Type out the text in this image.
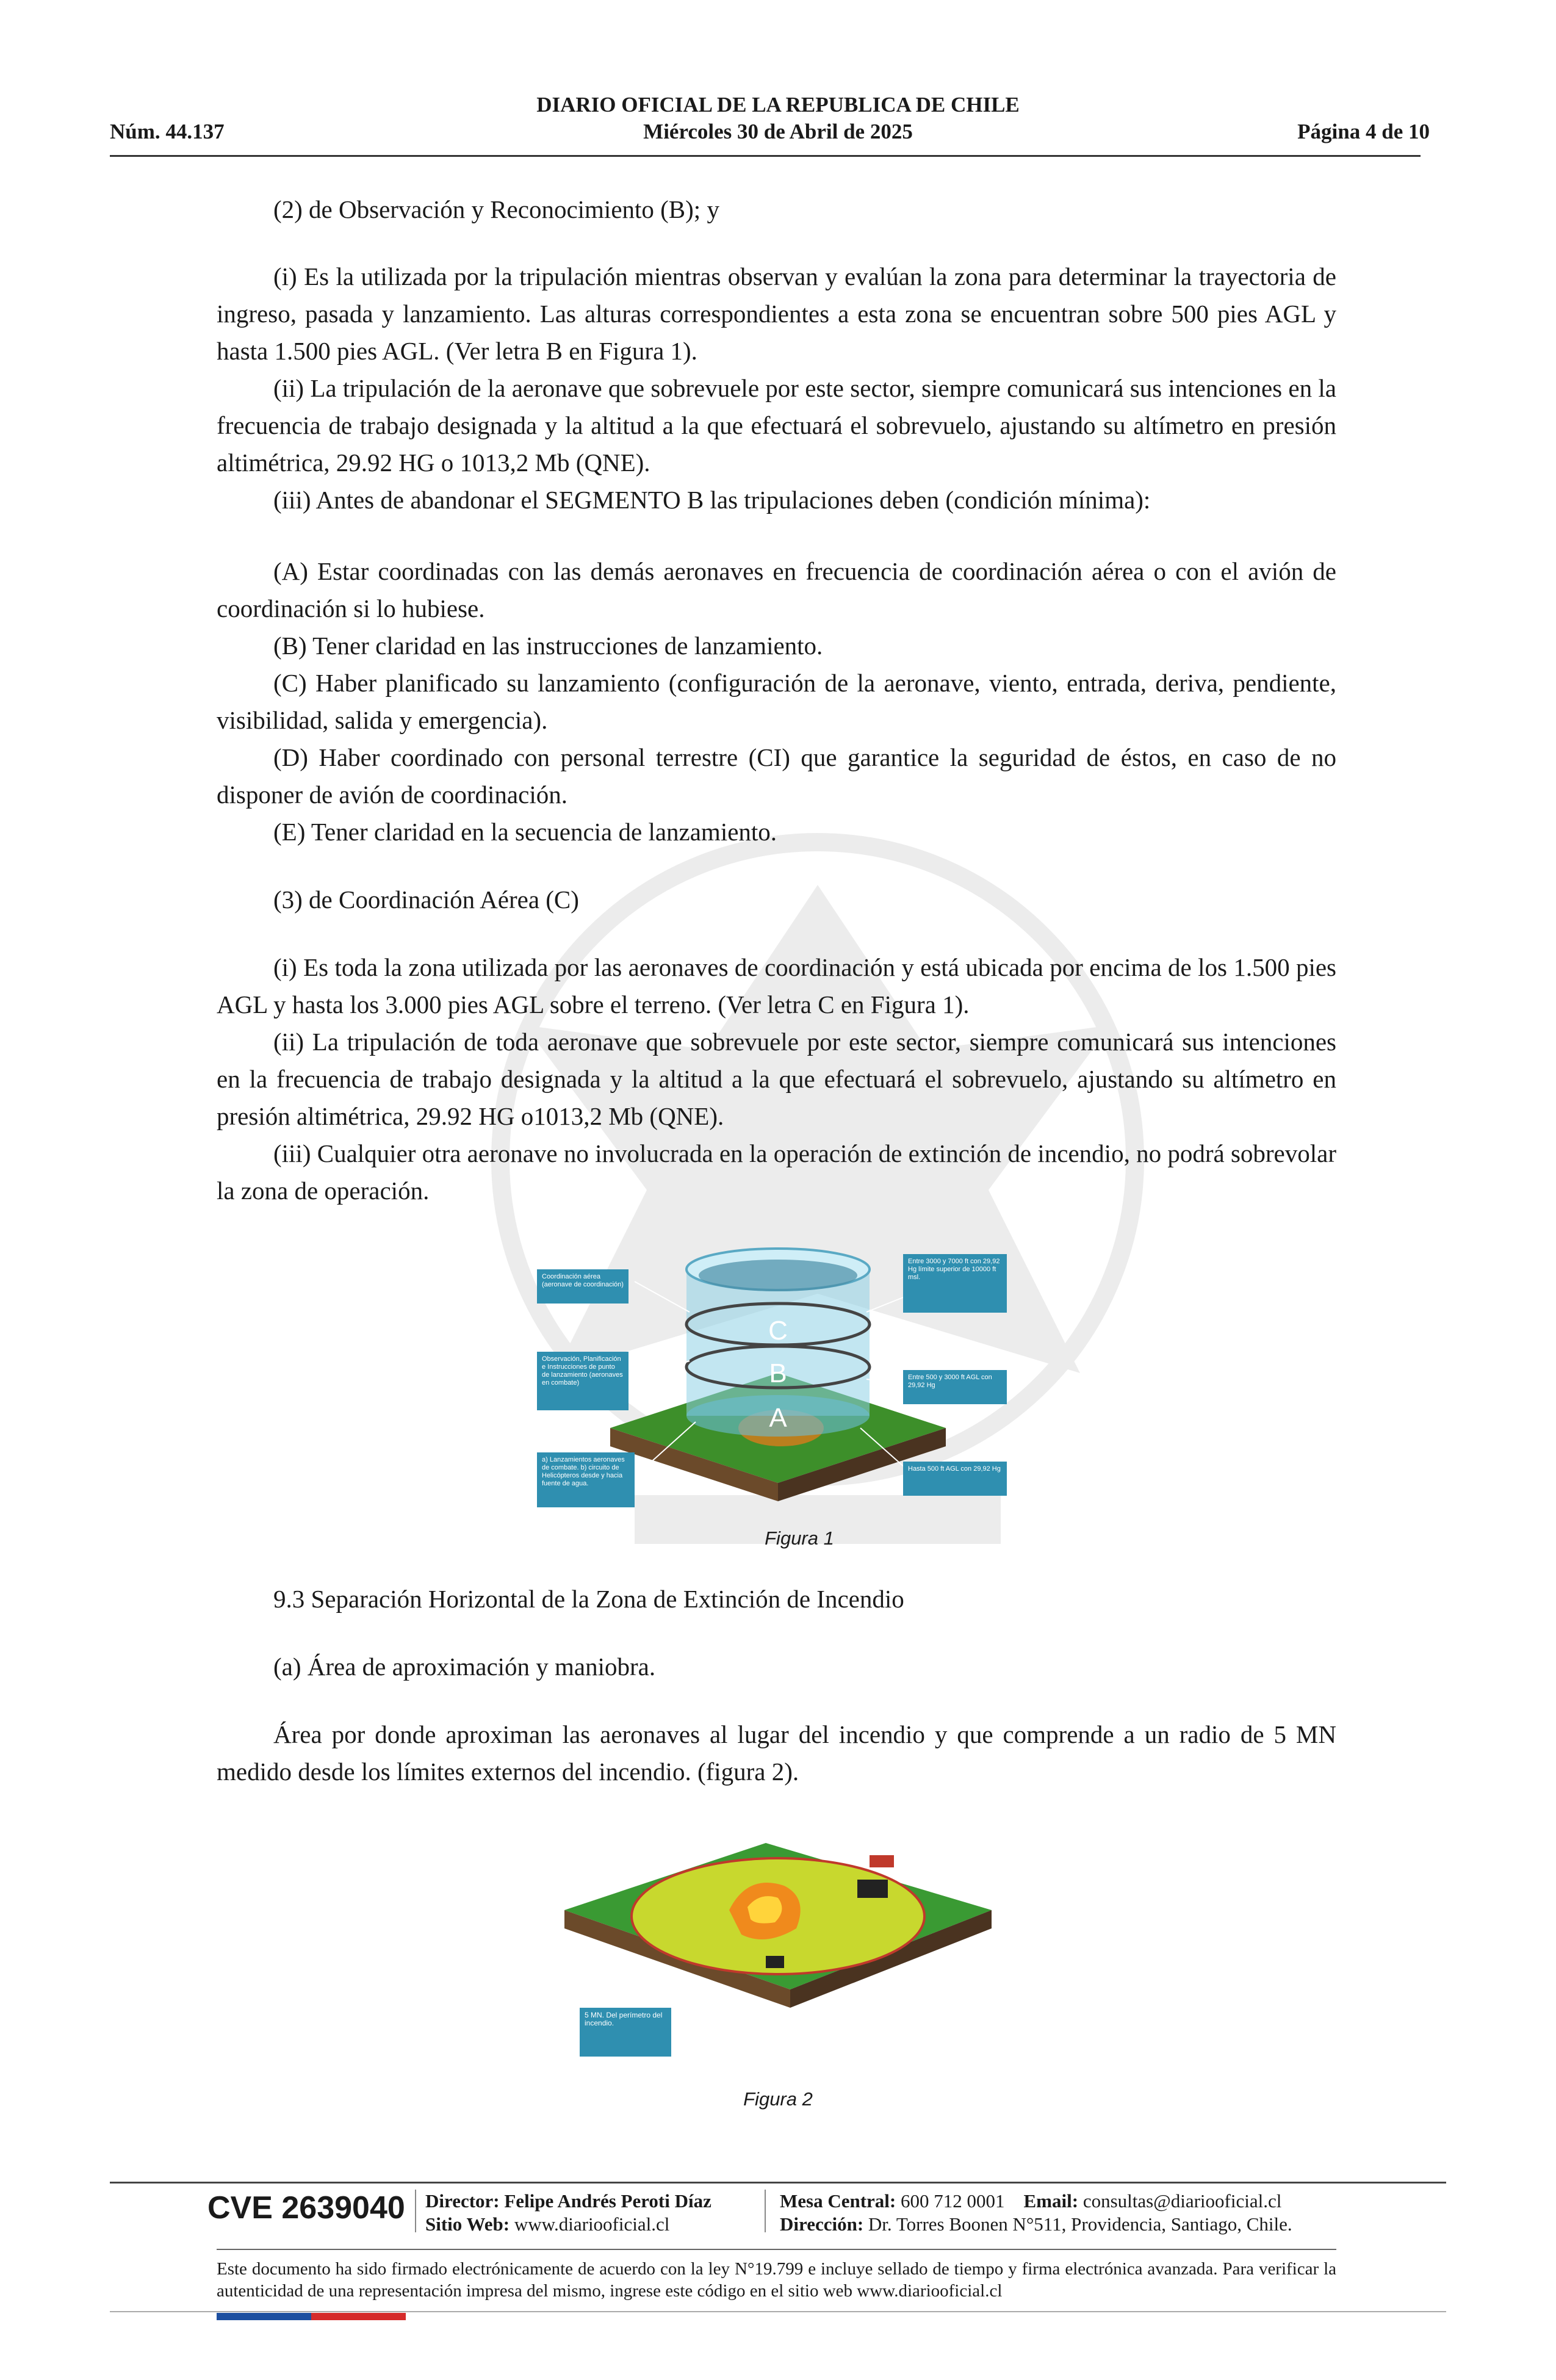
DIARIO OFICIAL DE LA REPUBLICA DE CHILE
Núm. 44.137	Miércoles 30 de Abril de 2025	Página 4 de 10

(2) de Observación y Reconocimiento (B); y

(i) Es la utilizada por la tripulación mientras observan y evalúan la zona para determinar la trayectoria de ingreso, pasada y lanzamiento. Las alturas correspondientes a esta zona se encuentran sobre 500 pies AGL y hasta 1.500 pies AGL. (Ver letra B en Figura 1).

(ii) La tripulación de la aeronave que sobrevuele por este sector, siempre comunicará sus intenciones en la frecuencia de trabajo designada y la altitud a la que efectuará el sobrevuelo, ajustando su altímetro en presión altimétrica, 29.92 HG o 1013,2 Mb (QNE).

(iii) Antes de abandonar el SEGMENTO B las tripulaciones deben (condición mínima):

(A) Estar coordinadas con las demás aeronaves en frecuencia de coordinación aérea o con el avión de coordinación si lo hubiese.

(B) Tener claridad en las instrucciones de lanzamiento.

(C) Haber planificado su lanzamiento (configuración de la aeronave, viento, entrada, deriva, pendiente, visibilidad, salida y emergencia).

(D) Haber coordinado con personal terrestre (CI) que garantice la seguridad de éstos, en caso de no disponer de avión de coordinación.

(E) Tener claridad en la secuencia de lanzamiento.

(3) de Coordinación Aérea (C)

(i) Es toda la zona utilizada por las aeronaves de coordinación y está ubicada por encima de los 1.500 pies AGL y hasta los 3.000 pies AGL sobre el terreno. (Ver letra C en Figura 1).

(ii) La tripulación de toda aeronave que sobrevuele por este sector, siempre comunicará sus intenciones en la frecuencia de trabajo designada y la altitud a la que efectuará el sobrevuelo, ajustando su altímetro en presión altimétrica, 29.92 HG o1013,2 Mb (QNE).

(iii) Cualquier otra aeronave no involucrada en la operación de extinción de incendio, no podrá sobrevolar la zona de operación.

C
B
A
Coordinación aérea (aeronave de coordinación)
Observación, Planificación e Instrucciones de punto de lanzamiento (aeronaves en combate)
a) Lanzamientos aeronaves de combate. b) circuito de Helicópteros desde y hacia fuente de agua.
Entre 3000 y 7000 ft con 29,92 Hg límite superior de 10000 ft msl.
Entre 500 y 3000 ft AGL con 29,92 Hg
Hasta 500 ft AGL con 29,92 Hg
Figura 1

9.3 Separación Horizontal de la Zona de Extinción de Incendio

(a) Área de aproximación y maniobra.

Área por donde aproximan las aeronaves al lugar del incendio y que comprende a un radio de 5 MN medido desde los límites externos del incendio. (figura 2).

5 MN. Del perímetro del incendio.
Figura 2
CVE 2639040 Director: Felipe Andrés Peroti Díaz
Sitio Web: www.diariooficial.cl
Mesa Central: 600 712 0001 Email: consultas@diariooficial.cl
Dirección: Dr. Torres Boonen N°511, Providencia, Santiago, Chile.
Este documento ha sido firmado electrónicamente de acuerdo con la ley N°19.799 e incluye sellado de tiempo y firma electrónica avanzada. Para verificar la autenticidad de una representación impresa del mismo, ingrese este código en el sitio web www.diariooficial.cl
